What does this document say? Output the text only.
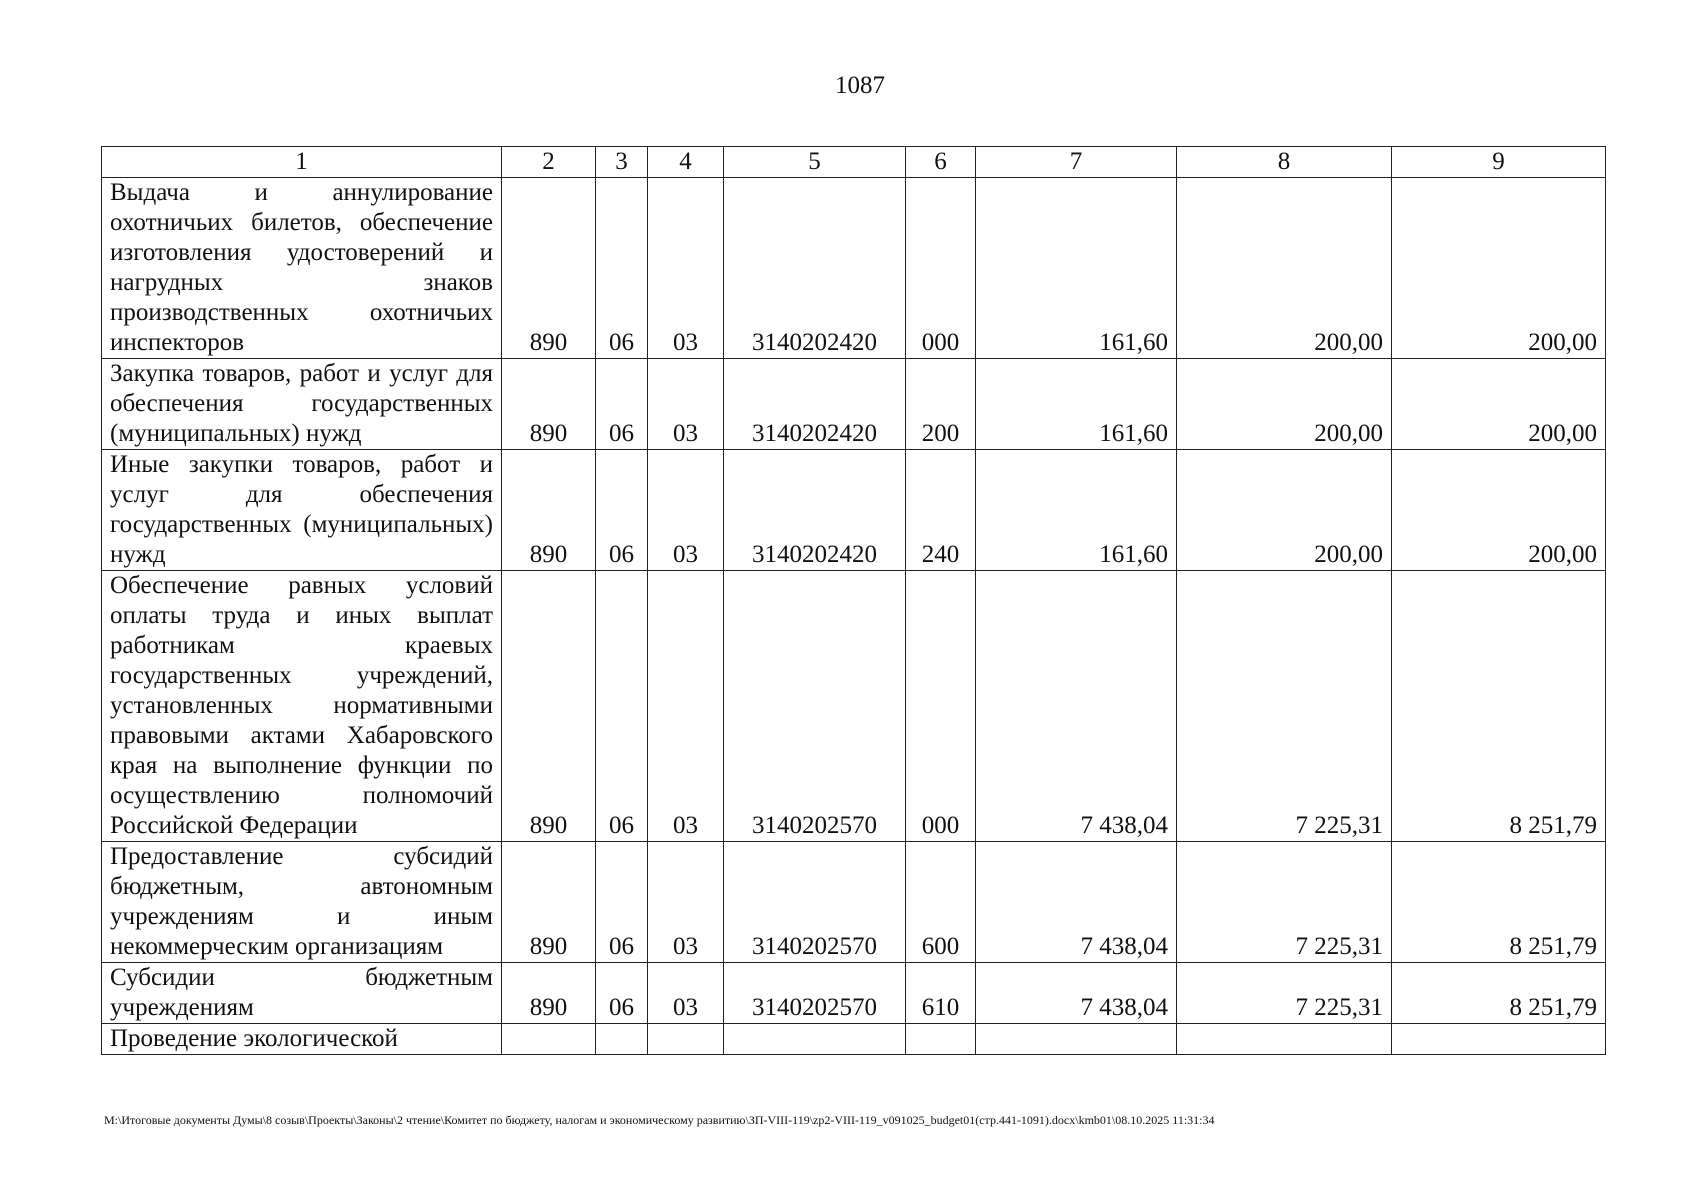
1087
1	2	3	4	5	6	7	8	9
Выдача и аннулирование охотничьих билетов, обеспечение изготовления удостоверений и нагрудных знаков производственных охотничьих инспекторов	890	06	03	3140202420	000	161,60	200,00	200,00
Закупка товаров, работ и услуг для обеспечения государственных (муниципальных) нужд	890	06	03	3140202420	200	161,60	200,00	200,00
Иные закупки товаров, работ и услуг для обеспечения государственных (муниципальных) нужд	890	06	03	3140202420	240	161,60	200,00	200,00
Обеспечение равных условий оплаты труда и иных выплат работникам краевых государственных учреждений, установленных нормативными правовыми актами Хабаровского края на выполнение функции по осуществлению полномочий Российской Федерации	890	06	03	3140202570	000	7 438,04	7 225,31	8 251,79
Предоставление субсидий бюджетным, автономным учреждениям и иным некоммерческим организациям	890	06	03	3140202570	600	7 438,04	7 225,31	8 251,79
Субсидии бюджетным учреждениям	890	06	03	3140202570	610	7 438,04	7 225,31	8 251,79
Проведение экологической								
M:\Итоговые документы Думы\8 созыв\Проекты\Законы\2 чтение\Комитет по бюджету, налогам и экономическому развитию\ЗП-VIII-119\zp2-VIII-119_v091025_budget01(стр.441-1091).docx\kmb01\08.10.2025 11:31:34
